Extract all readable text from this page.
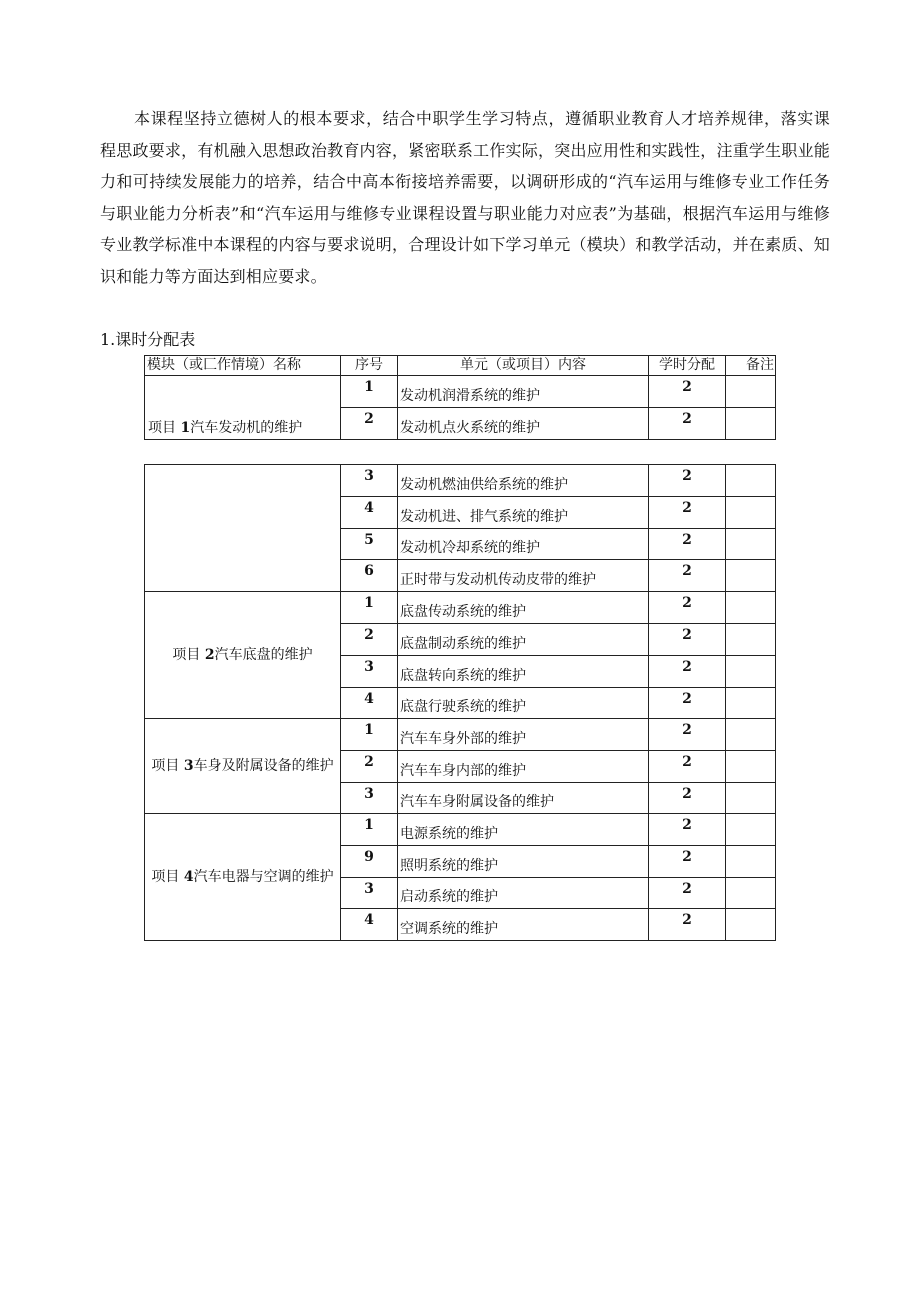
本课程坚持立德树人的根本要求，结合中职学生学习特点，遵循职业教育人才培养规律，落实课程思政要求，有机融入思想政治教育内容，紧密联系工作实际，突出应用性和实践性，注重学生职业能力和可持续发展能力的培养，结合中高本衔接培养需要，以调研形成的“汽车运用与维修专业工作任务与职业能力分析表”和“汽车运用与维修专业课程设置与职业能力对应表”为基础，根据汽车运用与维修专业教学标准中本课程的内容与要求说明，合理设计如下学习单元（模块）和教学活动，并在素质、知识和能力等方面达到相应要求。

1.课时分配表

模块（或匚作情境）名称	序号	单元（或项目）内容	学时分配	备注
项目 1汽车发动机的维护	1	发动机润滑系统的维护	2	
	2	发动机点火系统的维护	2	
	3	发动机燃油供给系统的维护	2	
	4	发动机进、排气系统的维护	2	
	5	发动机冷却系统的维护	2	
	6	正时带与发动机传动皮带的维护	2	
项目 2汽车底盘的维护	1	底盘传动系统的维护	2	
	2	底盘制动系统的维护	2	
	3	底盘转向系统的维护	2	
	4	底盘行驶系统的维护	2	
项目 3车身及附属设备的维护	1	汽车车身外部的维护	2	
	2	汽车车身内部的维护	2	
	3	汽车车身附属设备的维护	2	
项目 4汽车电器与空调的维护	1	电源系统的维护	2	
	9	照明系统的维护	2	
	3	启动系统的维护	2	
	4	空调系统的维护	2	
